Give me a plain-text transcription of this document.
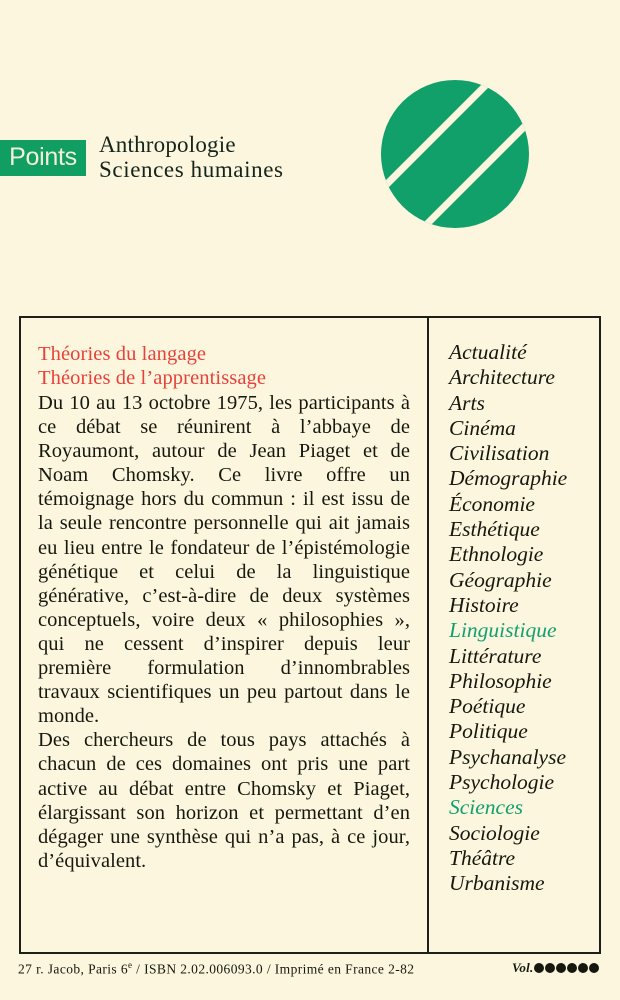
Points Anthropologie
Sciences humaines
Théories du langage
Théories de l’apprentissage

Du 10 au 13 octobre 1975, les participants à ce débat se réunirent à l’abbaye de Royaumont, autour de Jean Piaget et de Noam Chomsky. Ce livre offre un témoignage hors du commun : il est issu de la seule rencontre personnelle qui ait jamais eu lieu entre le fondateur de l’épistémologie génétique et celui de la linguistique générative, c’est-à-dire de deux systèmes conceptuels, voire deux « philosophies », qui ne cessent d’inspirer depuis leur première formulation d’innombrables travaux scientifiques un peu partout dans le monde.

Des chercheurs de tous pays attachés à chacun de ces domaines ont pris une part active au débat entre Chomsky et Piaget, élargissant son horizon et permettant d’en dégager une synthèse qui n’a pas, à ce jour, d’équivalent.

Actualité
Architecture
Arts
Cinéma
Civilisation
Démographie
Économie
Esthétique
Ethnologie
Géographie
Histoire
Linguistique
Littérature
Philosophie
Poétique
Politique
Psychanalyse
Psychologie
Sciences
Sociologie
Théâtre
Urbanisme
27 r. Jacob, Paris 6e / ISBN 2.02.006093.0 / Imprimé en France 2-82	Vol.
